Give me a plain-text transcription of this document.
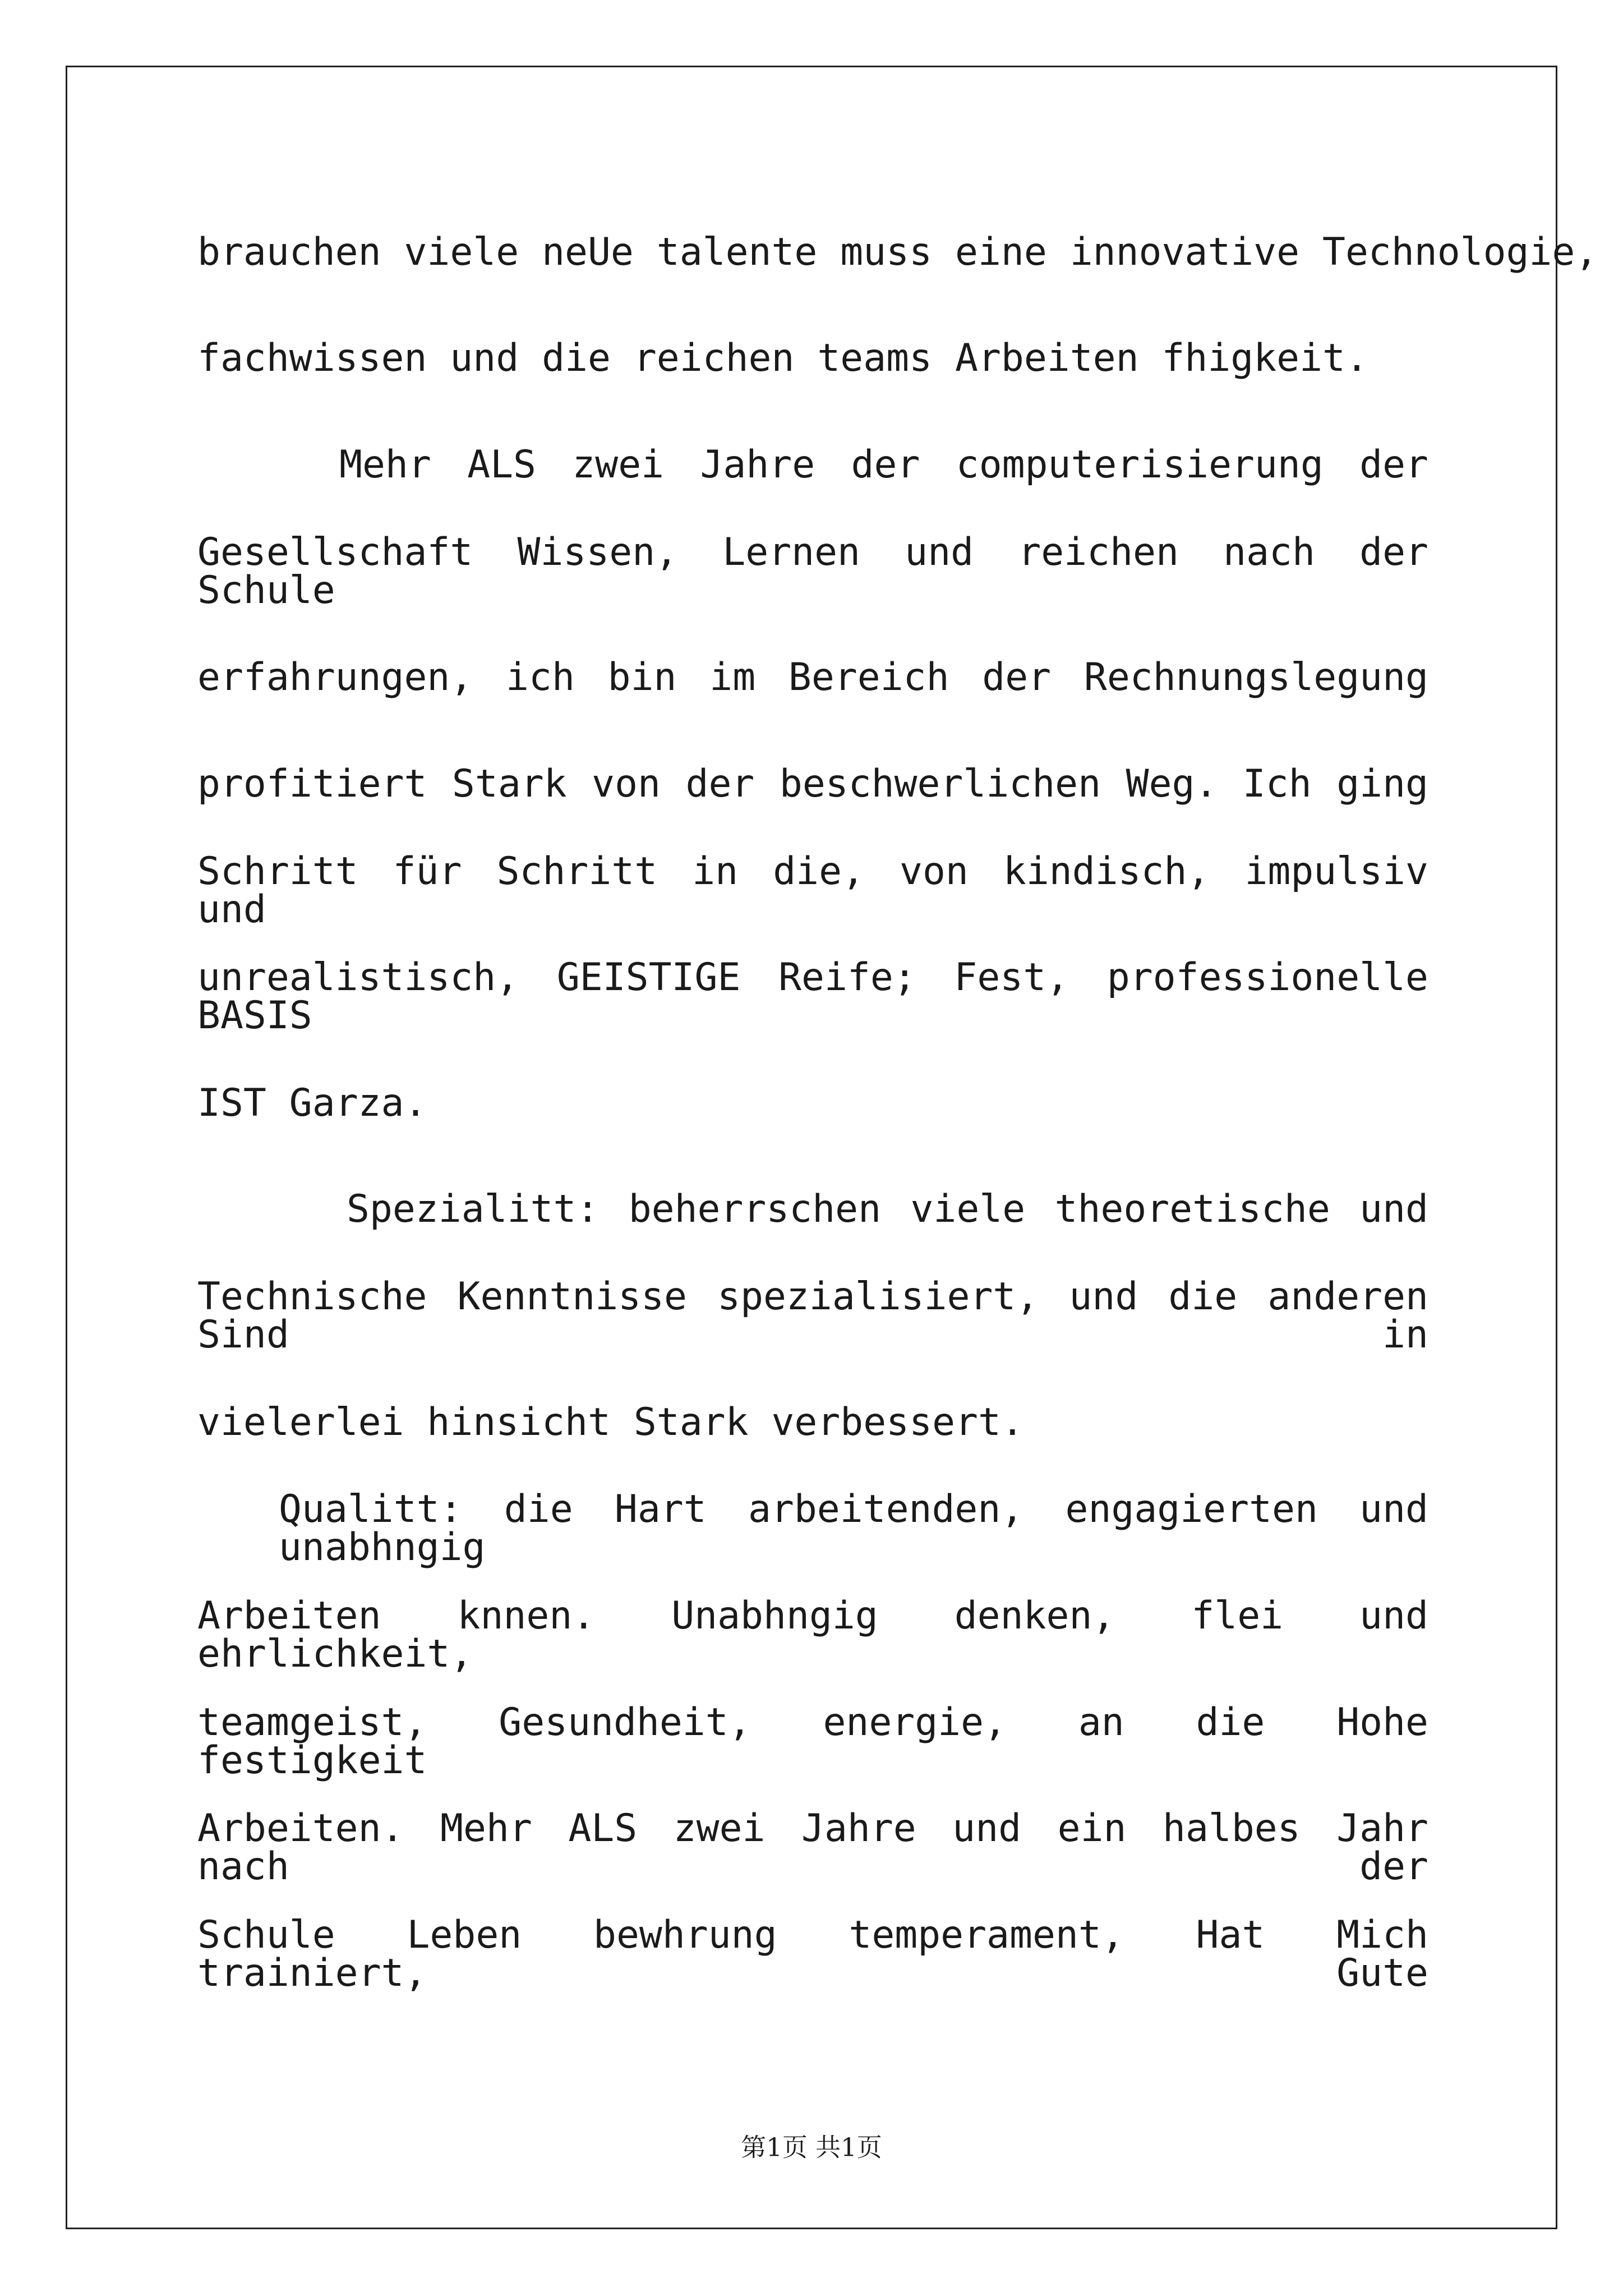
brauchen viele neUe talente muss eine innovative Technologie,
fachwissen und die reichen teams Arbeiten fhigkeit.
Mehr ALS zwei Jahre der computerisierung der
Gesellschaft Wissen, Lernen und reichen nach der Schule
erfahrungen, ich bin im Bereich der Rechnungslegung
profitiert Stark von der beschwerlichen Weg. Ich ging
Schritt für Schritt in die, von kindisch, impulsiv und
unrealistisch, GEISTIGE Reife; Fest, professionelle BASIS
IST Garza.
Spezialitt: beherrschen viele theoretische und
Technische Kenntnisse spezialisiert, und die anderen Sind in
vielerlei hinsicht Stark verbessert.
Qualitt: die Hart arbeitenden, engagierten und unabhngig
Arbeiten knnen. Unabhngig denken, flei und ehrlichkeit,
teamgeist, Gesundheit, energie, an die Hohe festigkeit
Arbeiten. Mehr ALS zwei Jahre und ein halbes Jahr nach der
Schule Leben bewhrung temperament, Hat Mich trainiert, Gute
第1页 共1页
